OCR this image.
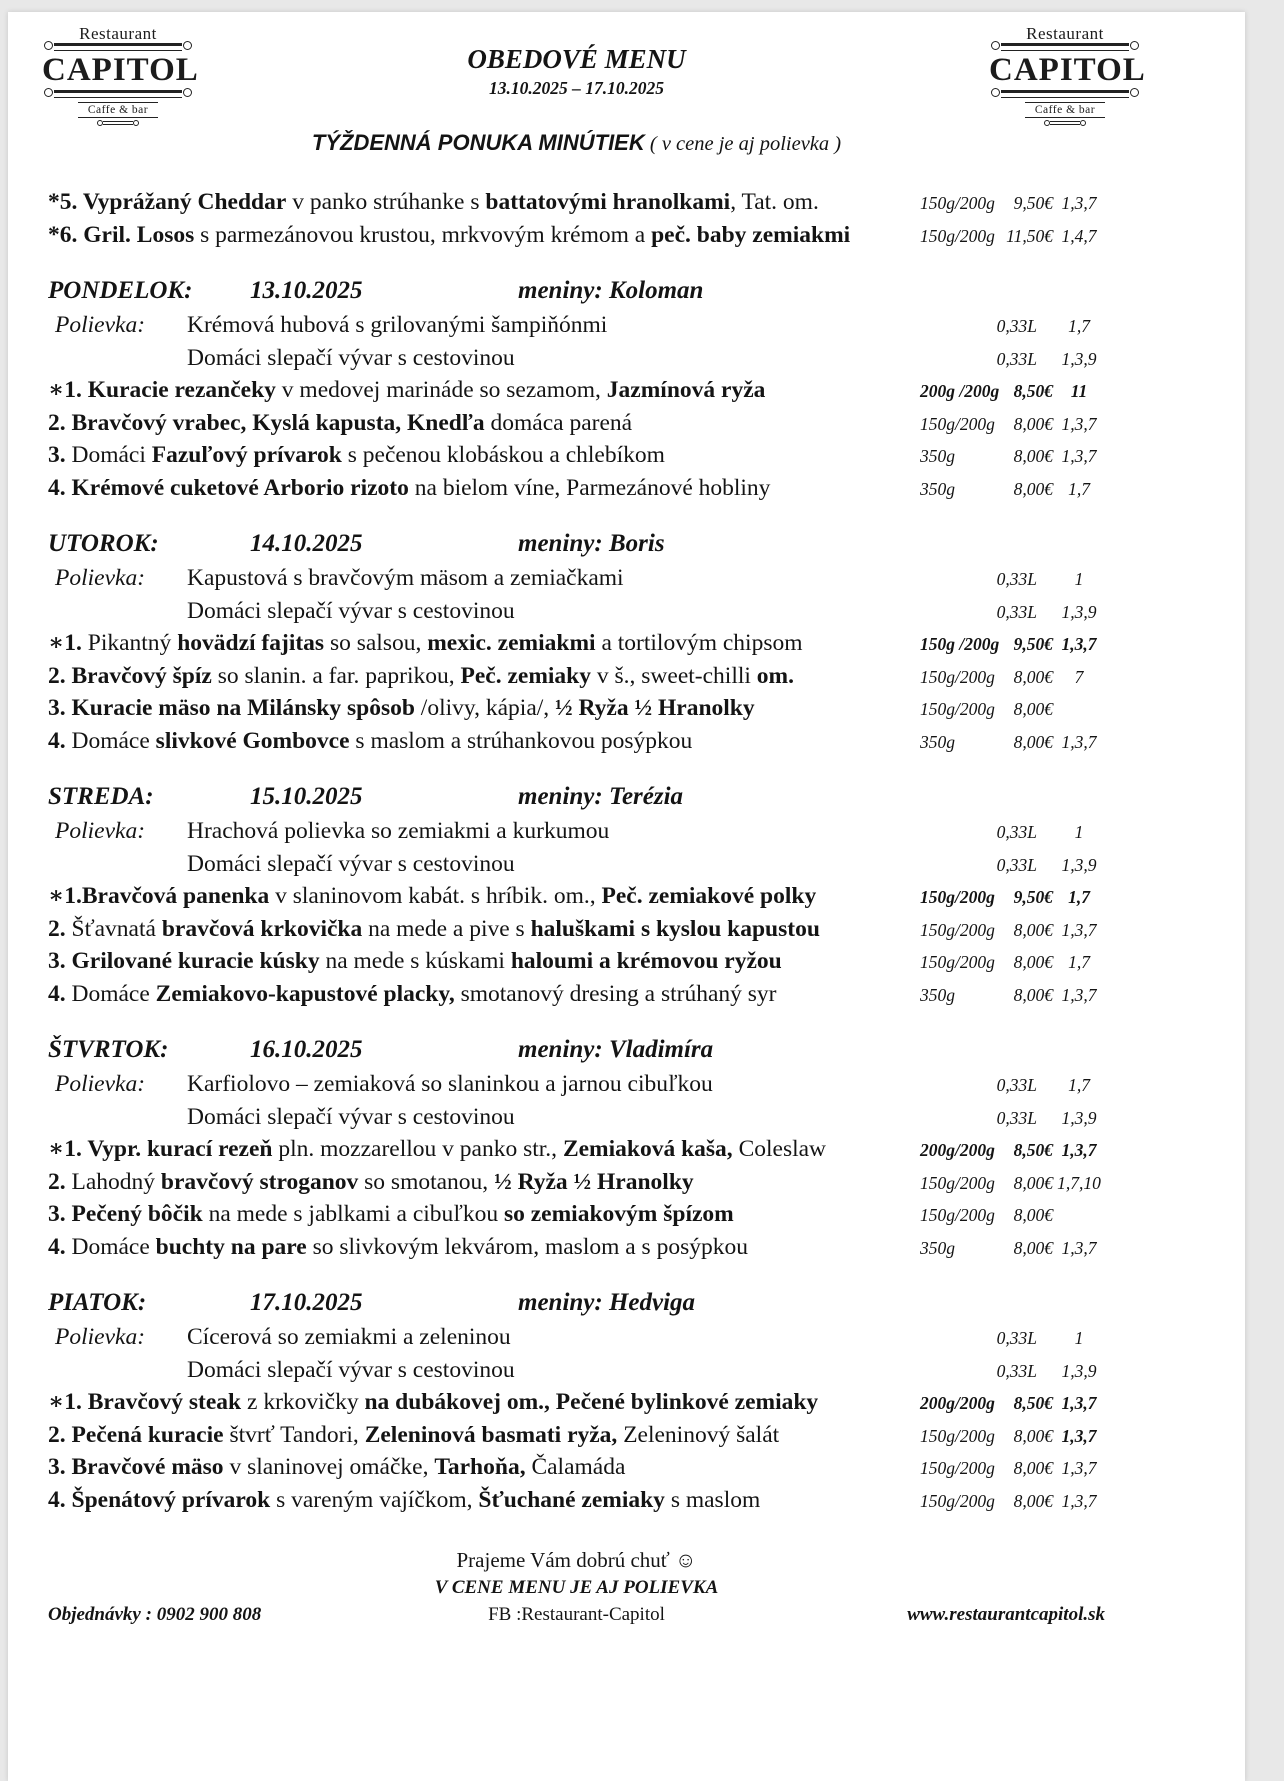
Restaurant
CAPITOL
Caffe & bar
Restaurant
CAPITOL
Caffe & bar
OBEDOVÉ MENU
13.10.2025 – 17.10.2025
TÝŽDENNÁ PONUKA MINÚTIEK ( v cene je aj polievka )
*5. Vyprážaný Cheddar v panko strúhanke s battatovými hranolkami, Tat. om.	150g/200g	9,50€ 1,3,7
*6. Gril. Losos s parmezánovou krustou, mrkvovým krémom a peč. baby zemiakmi	150g/200g 11,50€ 1,4,7
PONDELOK:	13.10.2025	meniny: Koloman
Polievka:	Krémová hubová s grilovanými šampiňónmi	0,33L	1,7
Domáci slepačí vývar s cestovinou	0,33L	1,3,9
∗1. Kuracie rezančeky v medovej marináde so sezamom, Jazmínová ryža	200g /200g 8,50€	11
2. Bravčový vrabec, Kyslá kapusta, Knedľa domáca parená	150g/200g	8,00€ 1,3,7
3. Domáci Fazuľový prívarok s pečenou klobáskou a chlebíkom	350g	8,00€ 1,3,7
4. Krémové cuketové Arborio rizoto na bielom víne, Parmezánové hobliny	350g	8,00€ 1,7
UTOROK:	14.10.2025	meniny: Boris
Polievka:	Kapustová s bravčovým mäsom a zemiačkami	0,33L	1
Domáci slepačí vývar s cestovinou	0,33L	1,3,9
∗1. Pikantný hovädzí fajitas so salsou, mexic. zemiakmi a tortilovým chipsom	150g /200g 9,50€ 1,3,7
2. Bravčový špíz so slanin. a far. paprikou, Peč. zemiaky v š., sweet-chilli om.	150g/200g	8,00€	7
3. Kuracie mäso na Milánsky spôsob /olivy, kápia/, ½ Ryža ½ Hranolky	150g/200g	8,00€
4. Domáce slivkové Gombovce s maslom a strúhankovou posýpkou	350g	8,00€ 1,3,7
STREDA:	15.10.2025	meniny: Terézia
Polievka:	Hrachová polievka so zemiakmi a kurkumou	0,33L	1
Domáci slepačí vývar s cestovinou	0,33L	1,3,9
∗1.Bravčová panenka v slaninovom kabát. s hríbik. om., Peč. zemiakové polky	150g/200g	9,50€ 1,7
2. Šťavnatá bravčová krkovička na mede a pive s haluškami s kyslou kapustou	150g/200g	8,00€ 1,3,7
3. Grilované kuracie kúsky na mede s kúskami haloumi a krémovou ryžou	150g/200g	8,00€ 1,7
4. Domáce Zemiakovo-kapustové placky, smotanový dresing a strúhaný syr	350g	8,00€ 1,3,7
ŠTVRTOK:	16.10.2025	meniny: Vladimíra
Polievka:	Karfiolovo – zemiaková so slaninkou a jarnou cibuľkou	0,33L	1,7
Domáci slepačí vývar s cestovinou	0,33L	1,3,9
∗1. Vypr. kurací rezeň pln. mozzarellou v panko str., Zemiaková kaša, Coleslaw	200g/200g	8,50€ 1,3,7
2. Lahodný bravčový stroganov so smotanou, ½ Ryža ½ Hranolky	150g/200g	8,00€ 1,7,10
3. Pečený bôčik na mede s jablkami a cibuľkou so zemiakovým špízom	150g/200g	8,00€
4. Domáce buchty na pare so slivkovým lekvárom, maslom a s posýpkou	350g	8,00€ 1,3,7
PIATOK:	17.10.2025	meniny: Hedviga
Polievka:	Cícerová so zemiakmi a zeleninou	0,33L	1
Domáci slepačí vývar s cestovinou	0,33L	1,3,9
∗1. Bravčový steak z krkovičky na dubákovej om., Pečené bylinkové zemiaky	200g/200g	8,50€ 1,3,7
2. Pečená kuracie štvrť Tandori, Zeleninová basmati ryža, Zeleninový šalát	150g/200g	8,00€ 1,3,7
3. Bravčové mäso v slaninovej omáčke, Tarhoňa, Čalamáda	150g/200g	8,00€ 1,3,7
4. Špenátový prívarok s vareným vajíčkom, Šťuchané zemiaky s maslom	150g/200g	8,00€ 1,3,7
Prajeme Vám dobrú chuť ☺
V CENE MENU JE AJ POLIEVKA
Objednávky : 0902 900 808	FB :Restaurant-Capitol	www.restaurantcapitol.sk
